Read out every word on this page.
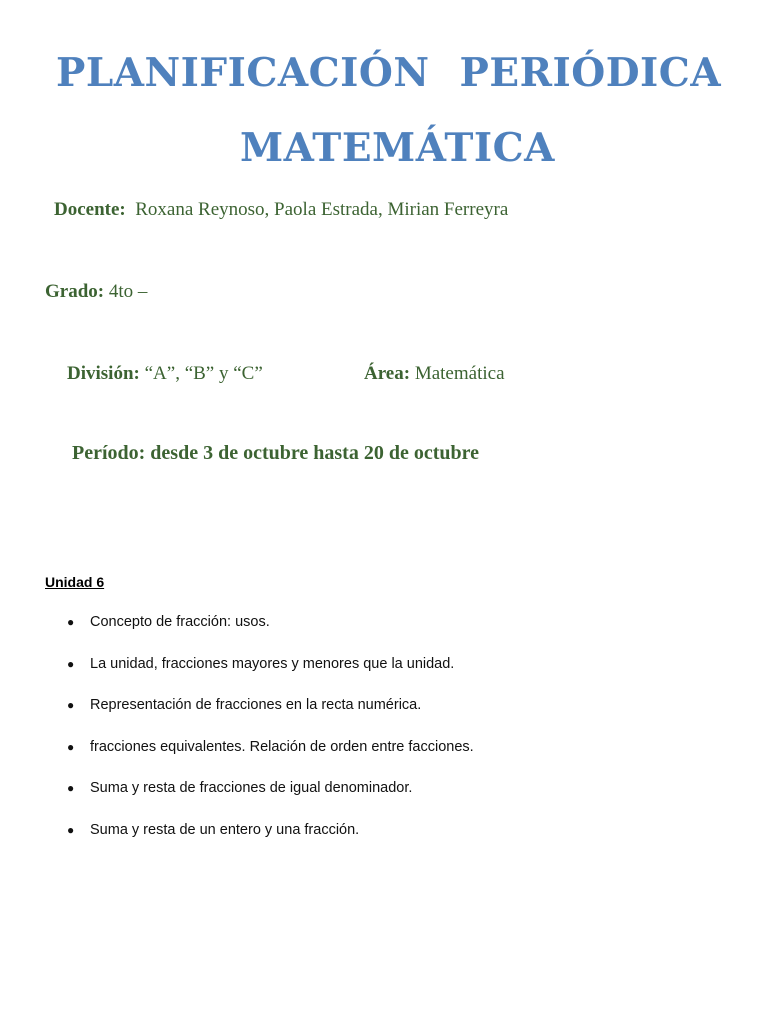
PLANIFICACIÓN PERIÓDICA
MATEMÁTICA
Docente: Roxana Reynoso, Paola Estrada, Mirian Ferreyra
Grado: 4to –
División: “A”, “B” y “C”	Área: Matemática
Período: desde 3 de octubre hasta 20 de octubre
Unidad 6
●	Concepto de fracción: usos.
●	La unidad, fracciones mayores y menores que la unidad.
●	Representación de fracciones en la recta numérica.
●	fracciones equivalentes. Relación de orden entre facciones.
●	Suma y resta de fracciones de igual denominador.
●	Suma y resta de un entero y una fracción.
